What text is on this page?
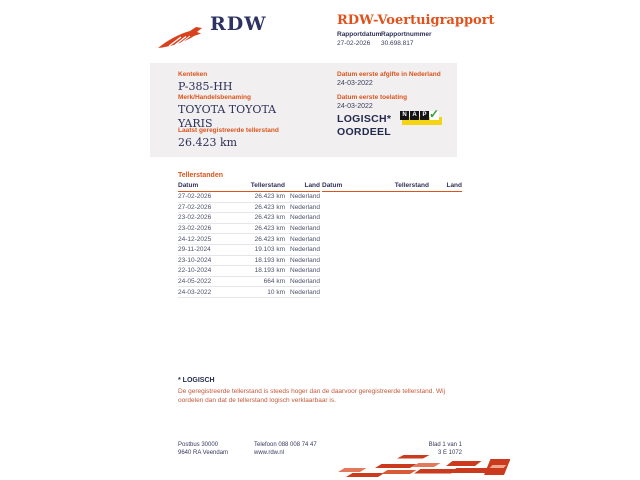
RDW	RDW-Voertuigrapport
Rapportdatum
27-02-2026
Rapportnummer
30.698.817
Kenteken
P-385-HH
Merk/Handelsbenaming
TOYOTA TOYOTA YARIS
Laatst geregistreerde tellerstand
26.423 km
Datum eerste afgifte in Nederland
24-03-2022
Datum eerste toelating
24-03-2022
LOGISCH*
OORDEEL
N A P ✓
Tellerstanden
Datum	Tellerstand	Land
27-02-2026	26.423 km Nederland
27-02-2026	26.423 km Nederland
23-02-2026	26.423 km Nederland
23-02-2026	26.423 km Nederland
24-12-2025	26.423 km Nederland
29-11-2024	19.103 km Nederland
23-10-2024	18.193 km Nederland
22-10-2024	18.193 km Nederland
24-05-2022	664 km Nederland
24-03-2022	10 km Nederland
Datum	Tellerstand	Land
* LOGISCH
De geregistreerde tellerstand is steeds hoger dan de daarvoor geregistreerde tellerstand. Wij oordelen dan dat de tellerstand logisch verklaarbaar is.
Postbus 30000
9640 RA Veendam
Telefoon 088 008 74 47
www.rdw.nl
Blad 1 van 1
3 E 1072
